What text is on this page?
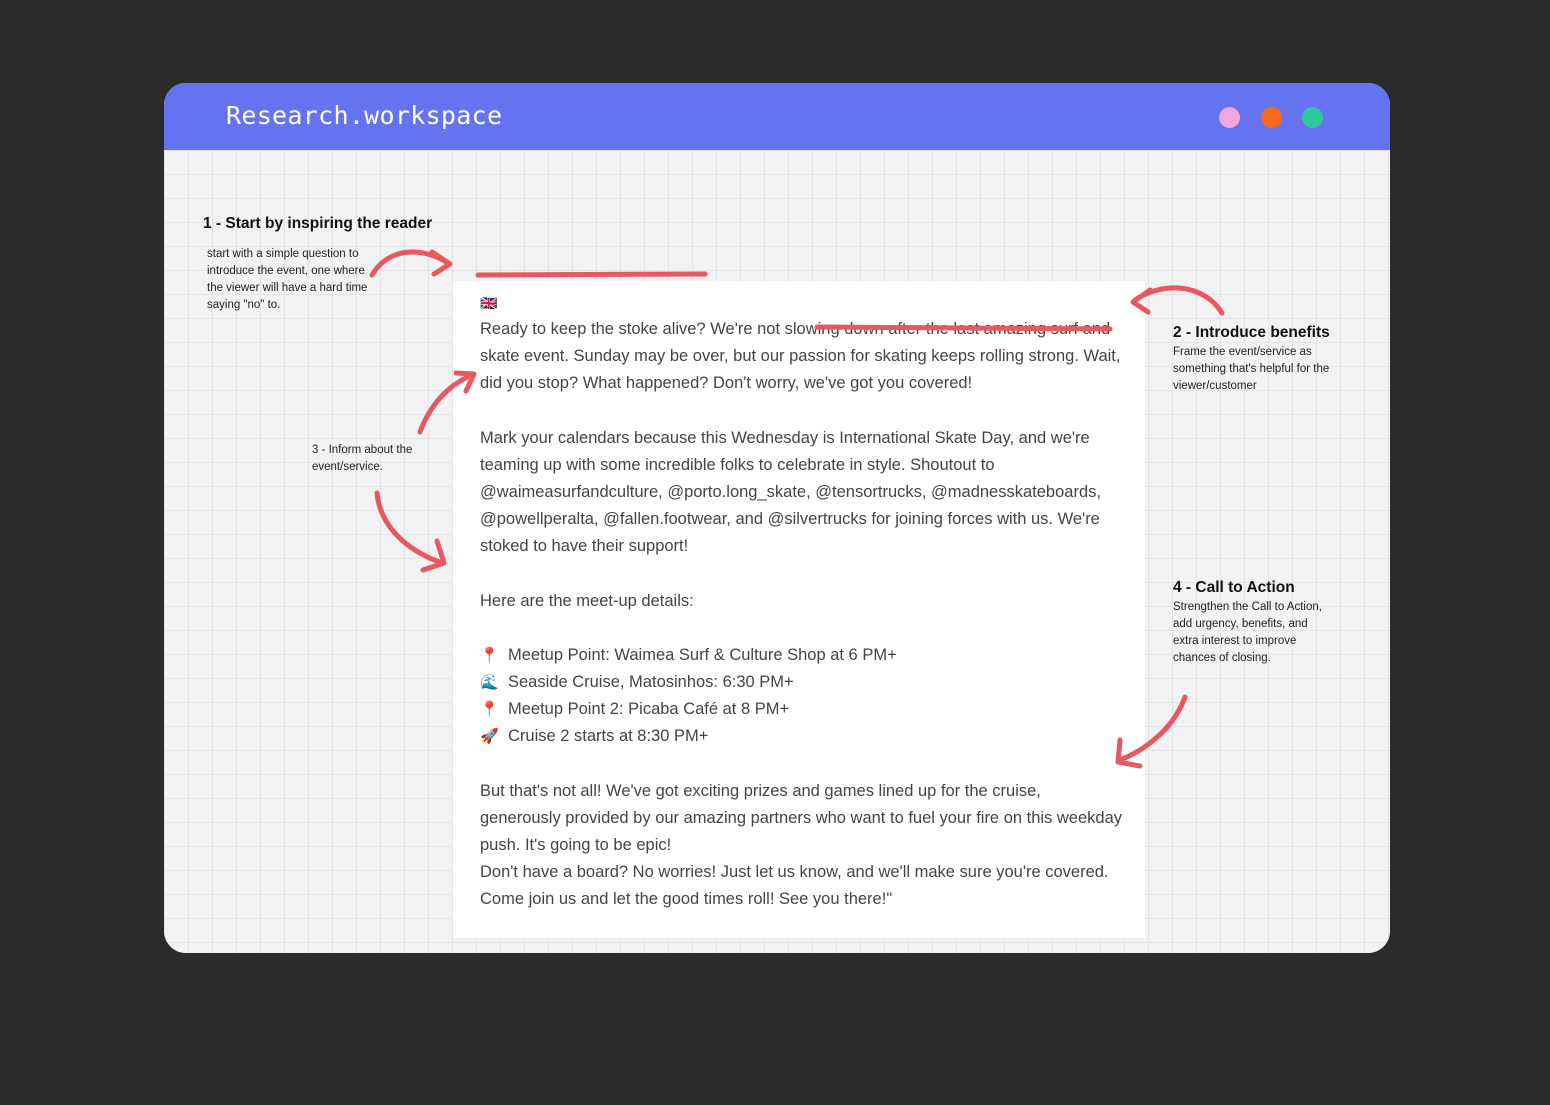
Research.workspace
🇬🇧

Ready to keep the stoke alive? We're not slowing down after the last amazing surf and skate event. Sunday may be over, but our passion for skating keeps rolling strong. Wait, did you stop? What happened? Don't worry, we've got you covered!

Mark your calendars because this Wednesday is International Skate Day, and we're teaming up with some incredible folks to celebrate in style. Shoutout to @waimeasurfandculture, @porto.long_skate, @tensortrucks, @madnesskateboards, @powellperalta, @fallen.footwear, and @silvertrucks for joining forces with us. We're stoked to have their support!

Here are the meet-up details:

📍 Meetup Point: Waimea Surf & Culture Shop at 6 PM+
🌊 Seaside Cruise, Matosinhos: 6:30 PM+
📍 Meetup Point 2: Picaba Café at 8 PM+
🚀 Cruise 2 starts at 8:30 PM+

But that's not all! We've got exciting prizes and games lined up for the cruise, generously provided by our amazing partners who want to fuel your fire on this weekday push. It's going to be epic!

Don't have a board? No worries! Just let us know, and we'll make sure you're covered. Come join us and let the good times roll! See you there!"

1 - Start by inspiring the reader
start with a simple question to introduce the event, one where the viewer will have a hard time saying "no" to.
2 - Introduce benefits
Frame the event/service as something that's helpful for the viewer/customer
3 - Inform about the event/service.
4 - Call to Action
Strengthen the Call to Action, add urgency, benefits, and extra interest to improve chances of closing.
